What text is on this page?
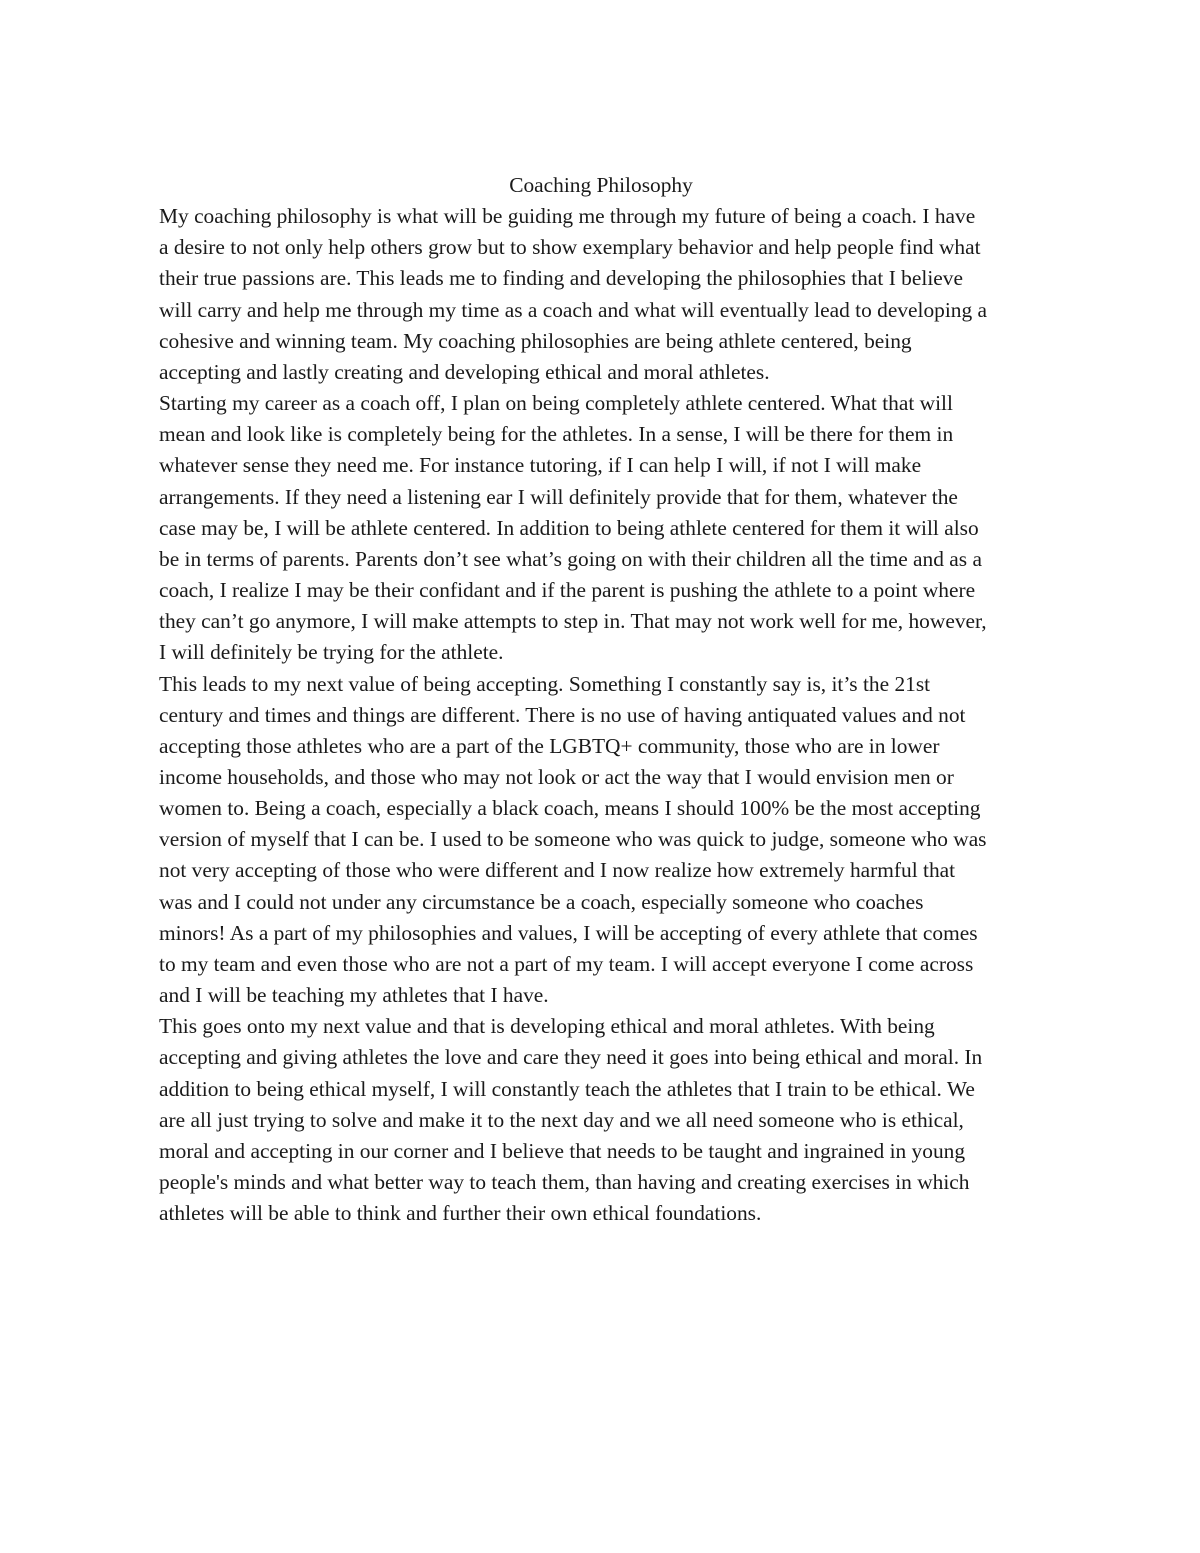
Coaching Philosophy
My coaching philosophy is what will be guiding me through my future of being a coach. I have
a desire to not only help others grow but to show exemplary behavior and help people find what
their true passions are. This leads me to finding and developing the philosophies that I believe
will carry and help me through my time as a coach and what will eventually lead to developing a
cohesive and winning team. My coaching philosophies are being athlete centered, being
accepting and lastly creating and developing ethical and moral athletes.
Starting my career as a coach off, I plan on being completely athlete centered. What that will
mean and look like is completely being for the athletes. In a sense, I will be there for them in
whatever sense they need me. For instance tutoring, if I can help I will, if not I will make
arrangements. If they need a listening ear I will definitely provide that for them, whatever the
case may be, I will be athlete centered. In addition to being athlete centered for them it will also
be in terms of parents. Parents don’t see what’s going on with their children all the time and as a
coach, I realize I may be their confidant and if the parent is pushing the athlete to a point where
they can’t go anymore, I will make attempts to step in. That may not work well for me, however,
I will definitely be trying for the athlete.
This leads to my next value of being accepting. Something I constantly say is, it’s the 21st
century and times and things are different. There is no use of having antiquated values and not
accepting those athletes who are a part of the LGBTQ+ community, those who are in lower
income households, and those who may not look or act the way that I would envision men or
women to. Being a coach, especially a black coach, means I should 100% be the most accepting
version of myself that I can be. I used to be someone who was quick to judge, someone who was
not very accepting of those who were different and I now realize how extremely harmful that
was and I could not under any circumstance be a coach, especially someone who coaches
minors! As a part of my philosophies and values, I will be accepting of every athlete that comes
to my team and even those who are not a part of my team. I will accept everyone I come across
and I will be teaching my athletes that I have.
This goes onto my next value and that is developing ethical and moral athletes. With being
accepting and giving athletes the love and care they need it goes into being ethical and moral. In
addition to being ethical myself, I will constantly teach the athletes that I train to be ethical. We
are all just trying to solve and make it to the next day and we all need someone who is ethical,
moral and accepting in our corner and I believe that needs to be taught and ingrained in young
people's minds and what better way to teach them, than having and creating exercises in which
athletes will be able to think and further their own ethical foundations.
